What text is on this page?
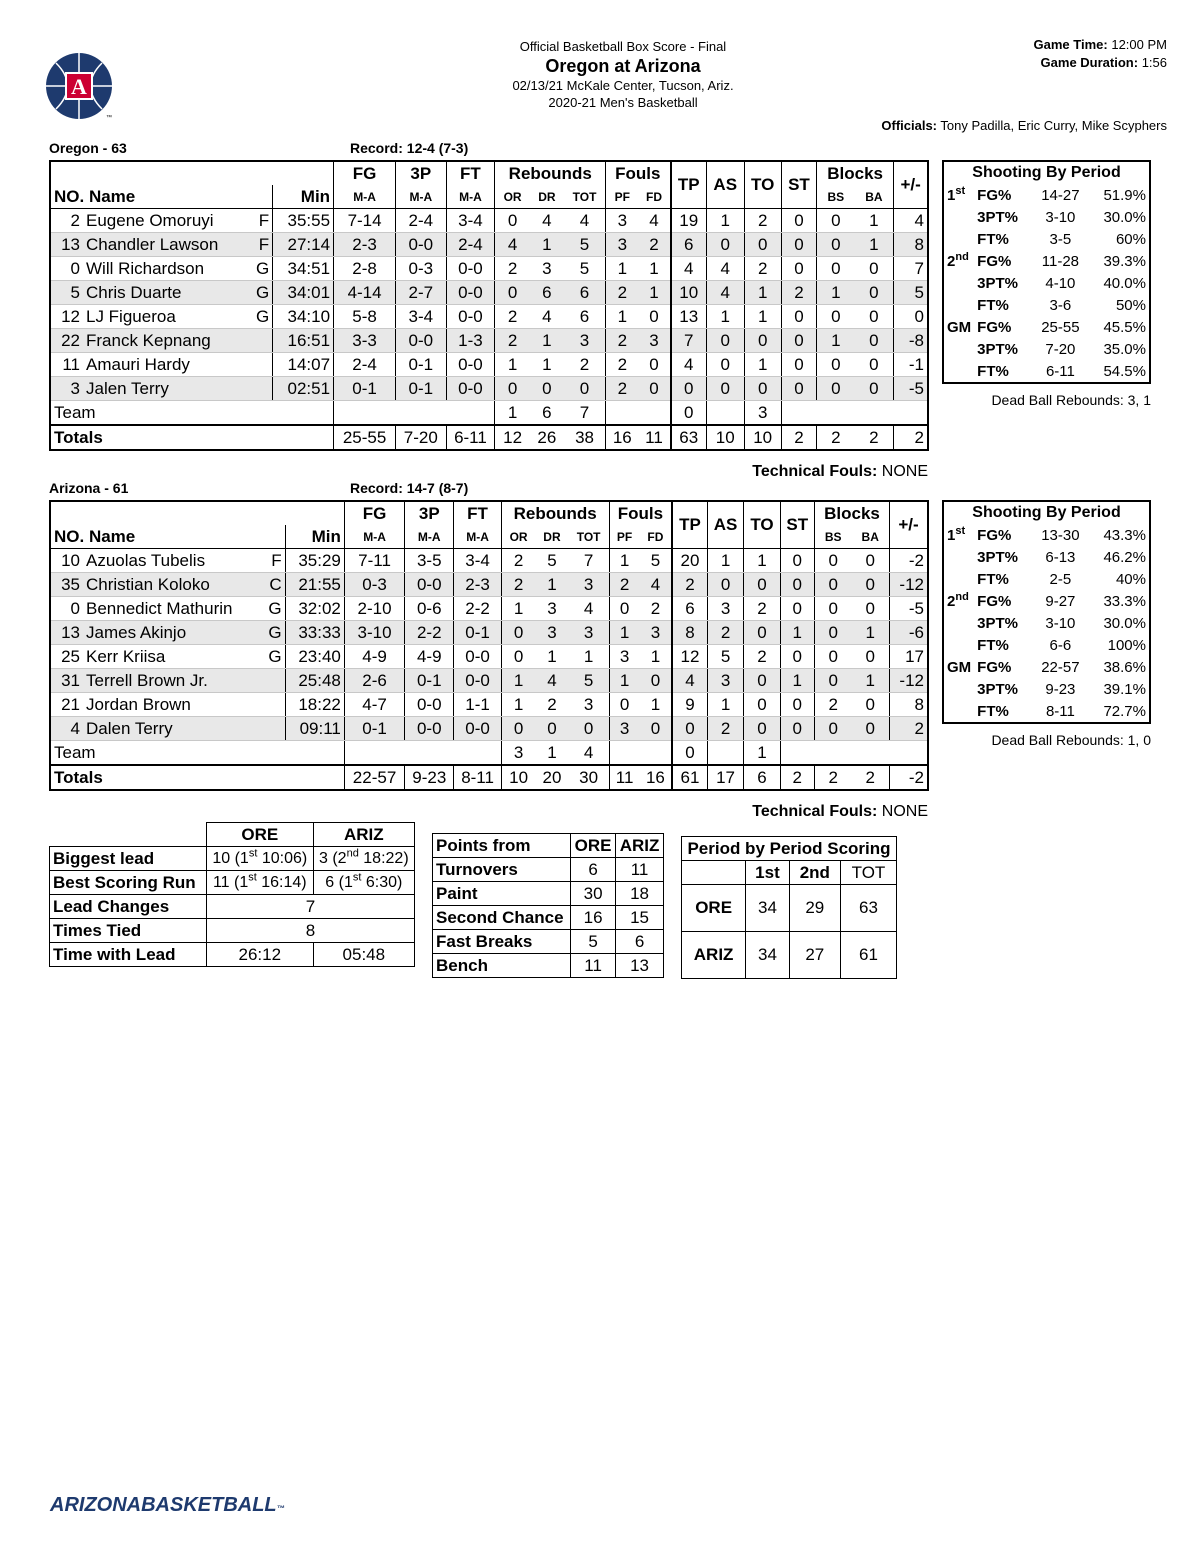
A
™
Official Basketball Box Score - Final
Oregon at Arizona
02/13/21 McKale Center, Tucson, Ariz.
2020-21 Men's Basketball
Game Time: 12:00 PM
Game Duration: 1:56
Officials: Tony Padilla, Eric Curry, Mike Scyphers
Oregon - 63	Record: 12-4 (7-3)
				FG	3P	FT	Rebounds			Fouls		TP	AS	TO	ST	Blocks		+/-
NO. Name			Min	M-A	M-A	M-A	OR	DR	TOT	PF	FD					BS	BA	
2	Eugene Omoruyi	F	35:55	7-14	2-4	3-4	0	4	4	3	4	19	1	2	0	0	1	4
13	Chandler Lawson	F	27:14	2-3	0-0	2-4	4	1	5	3	2	6	0	0	0	0	1	8
0	Will Richardson	G	34:51	2-8	0-3	0-0	2	3	5	1	1	4	4	2	0	0	0	7
5	Chris Duarte	G	34:01	4-14	2-7	0-0	0	6	6	2	1	10	4	1	2	1	0	5
12	LJ Figueroa	G	34:10	5-8	3-4	0-0	2	4	6	1	0	13	1	1	0	0	0	0
22	Franck Kepnang		16:51	3-3	0-0	1-3	2	1	3	2	3	7	0	0	0	1	0	-8
11	Amauri Hardy		14:07	2-4	0-1	0-0	1	1	2	2	0	4	0	1	0	0	0	-1
3	Jalen Terry		02:51	0-1	0-1	0-0	0	0	0	2	0	0	0	0	0	0	0	-5
Team							1	6	7			0		3				
Totals				25-55	7-20	6-11	12	26	38	16	11	63	10	10	2	2	2	2
Technical Fouls: NONE
Shooting By Period			
1st	FG%	14-27	51.9%
	3PT%	3-10	30.0%
	FT%	3-5	60%
2nd	FG%	11-28	39.3%
	3PT%	4-10	40.0%
	FT%	3-6	50%
GM	FG%	25-55	45.5%
	3PT%	7-20	35.0%
	FT%	6-11	54.5%
Dead Ball Rebounds: 3, 1
Arizona - 61	Record: 14-7 (8-7)
				FG	3P	FT	Rebounds			Fouls		TP	AS	TO	ST	Blocks		+/-
NO. Name			Min	M-A	M-A	M-A	OR	DR	TOT	PF	FD					BS	BA	
10	Azuolas Tubelis	F	35:29	7-11	3-5	3-4	2	5	7	1	5	20	1	1	0	0	0	-2
35	Christian Koloko	C	21:55	0-3	0-0	2-3	2	1	3	2	4	2	0	0	0	0	0	-12
0	Bennedict Mathurin	G	32:02	2-10	0-6	2-2	1	3	4	0	2	6	3	2	0	0	0	-5
13	James Akinjo	G	33:33	3-10	2-2	0-1	0	3	3	1	3	8	2	0	1	0	1	-6
25	Kerr Kriisa	G	23:40	4-9	4-9	0-0	0	1	1	3	1	12	5	2	0	0	0	17
31	Terrell Brown Jr.		25:48	2-6	0-1	0-0	1	4	5	1	0	4	3	0	1	0	1	-12
21	Jordan Brown		18:22	4-7	0-0	1-1	1	2	3	0	1	9	1	0	0	2	0	8
4	Dalen Terry		09:11	0-1	0-0	0-0	0	0	0	3	0	0	2	0	0	0	0	2
Team							3	1	4			0		1				
Totals				22-57	9-23	8-11	10	20	30	11	16	61	17	6	2	2	2	-2
Technical Fouls: NONE
Shooting By Period			
1st	FG%	13-30	43.3%
	3PT%	6-13	46.2%
	FT%	2-5	40%
2nd	FG%	9-27	33.3%
	3PT%	3-10	30.0%
	FT%	6-6	100%
GM	FG%	22-57	38.6%
	3PT%	9-23	39.1%
	FT%	8-11	72.7%
Dead Ball Rebounds: 1, 0
	ORE	ARIZ
Biggest lead	10 (1st 10:06)	3 (2nd 18:22)
Best Scoring Run	11 (1st 16:14)	6 (1st 6:30)
Lead Changes	7	
Times Tied	8	
Time with Lead	26:12	05:48
Points from	ORE	ARIZ
Turnovers	6	11
Paint	30	18
Second Chance	16	15
Fast Breaks	5	6
Bench	11	13
Period by Period Scoring			
	1st	2nd	TOT
ORE	34	29	63
ARIZ	34	27	61
ARIZONABASKETBALL™
